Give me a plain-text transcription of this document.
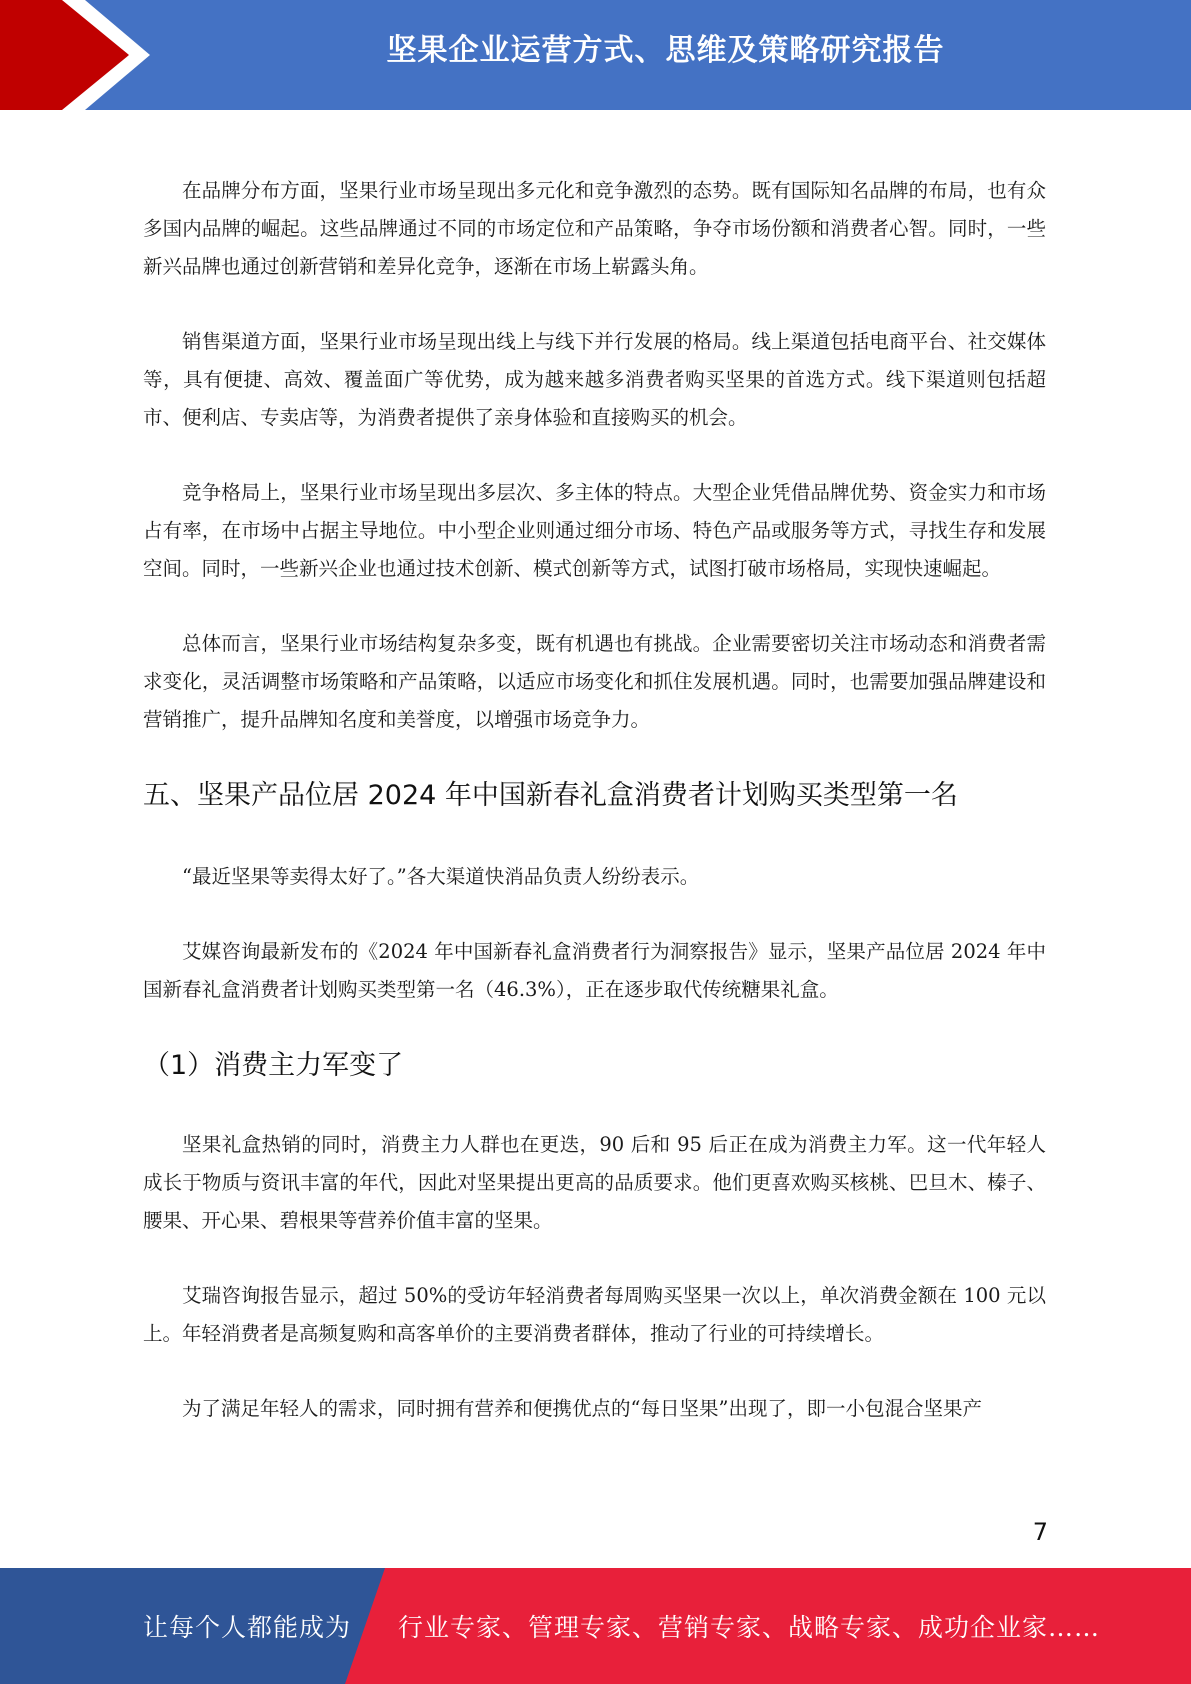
坚果企业运营方式、思维及策略研究报告

在品牌分布方面，坚果行业市场呈现出多元化和竞争激烈的态势。既有国际知名品牌的布局，也有众多国内品牌的崛起。这些品牌通过不同的市场定位和产品策略，争夺市场份额和消费者心智。同时，一些新兴品牌也通过创新营销和差异化竞争，逐渐在市场上崭露头角。

销售渠道方面，坚果行业市场呈现出线上与线下并行发展的格局。线上渠道包括电商平台、社交媒体等，具有便捷、高效、覆盖面广等优势，成为越来越多消费者购买坚果的首选方式。线下渠道则包括超市、便利店、专卖店等，为消费者提供了亲身体验和直接购买的机会。

竞争格局上，坚果行业市场呈现出多层次、多主体的特点。大型企业凭借品牌优势、资金实力和市场占有率，在市场中占据主导地位。中小型企业则通过细分市场、特色产品或服务等方式，寻找生存和发展空间。同时，一些新兴企业也通过技术创新、模式创新等方式，试图打破市场格局，实现快速崛起。

总体而言，坚果行业市场结构复杂多变，既有机遇也有挑战。企业需要密切关注市场动态和消费者需求变化，灵活调整市场策略和产品策略，以适应市场变化和抓住发展机遇。同时，也需要加强品牌建设和营销推广，提升品牌知名度和美誉度，以增强市场竞争力。

五、坚果产品位居 2024 年中国新春礼盒消费者计划购买类型第一名

“最近坚果等卖得太好了。”各大渠道快消品负责人纷纷表示。

艾媒咨询最新发布的《2024 年中国新春礼盒消费者行为洞察报告》显示，坚果产品位居 2024 年中国新春礼盒消费者计划购买类型第一名（46.3%），正在逐步取代传统糖果礼盒。

（1）消费主力军变了

坚果礼盒热销的同时，消费主力人群也在更迭，90 后和 95 后正在成为消费主力军。这一代年轻人成长于物质与资讯丰富的年代，因此对坚果提出更高的品质要求。他们更喜欢购买核桃、巴旦木、榛子、腰果、开心果、碧根果等营养价值丰富的坚果。

艾瑞咨询报告显示，超过 50%的受访年轻消费者每周购买坚果一次以上，单次消费金额在 100 元以上。年轻消费者是高频复购和高客单价的主要消费者群体，推动了行业的可持续增长。

为了满足年轻人的需求，同时拥有营养和便携优点的“每日坚果”出现了，即一小包混合坚果产

7
让每个人都能成为 行业专家、管理专家、营销专家、战略专家、成功企业家……
